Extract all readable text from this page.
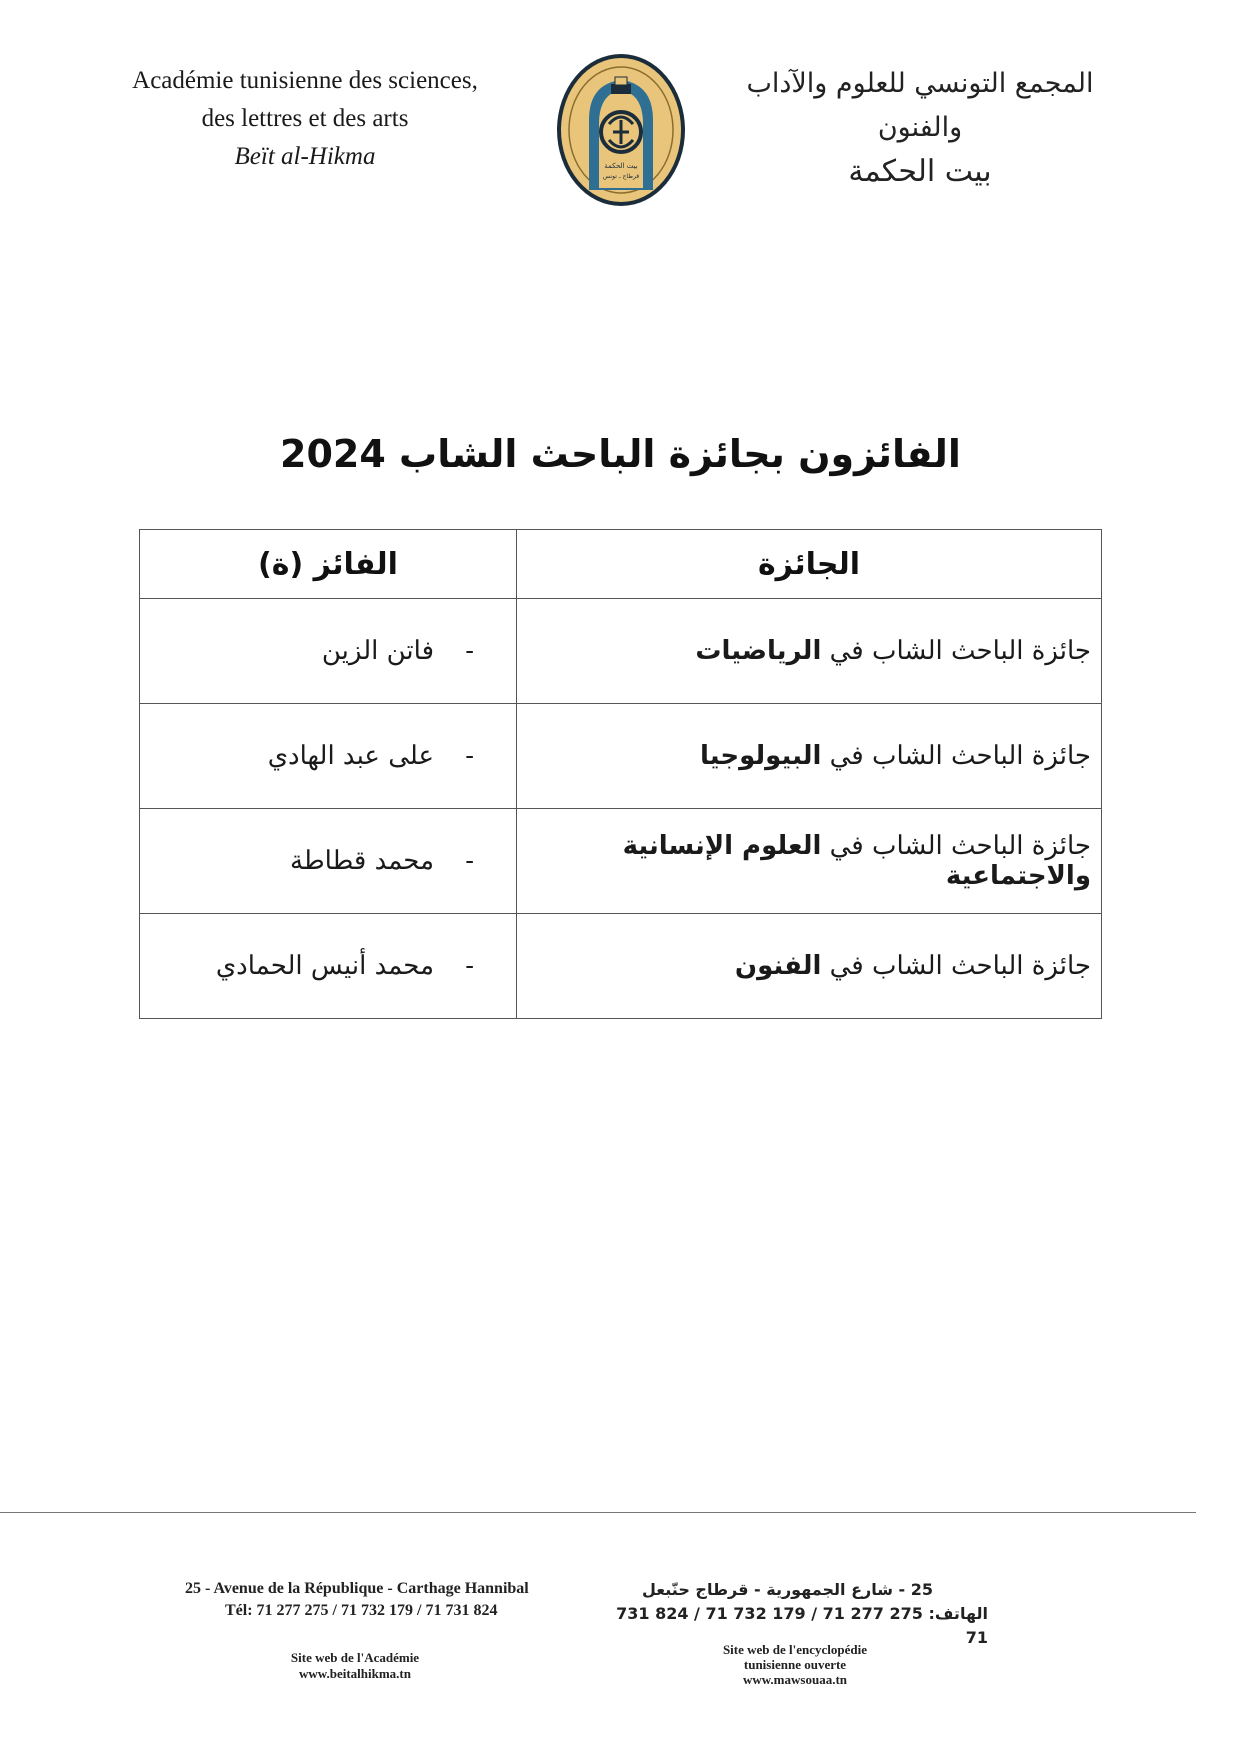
Académie tunisienne des sciences,
des lettres et des arts
Beït al-Hikma	بيت الحكمة
قرطاج ـ تونس
المجمع التونسي للعلوم والآداب والفنون
بيت الحكمة
الفائزون بجائزة الباحث الشاب 2024
الجائزة	الفائز (ة)
جائزة الباحث الشاب في الرياضيات	-فاتن الزين
جائزة الباحث الشاب في البيولوجيا	-على عبد الهادي
جائزة الباحث الشاب في العلوم الإنسانية والاجتماعية	-محمد قطاطة
جائزة الباحث الشاب في الفنون	-محمد أنيس الحمادي
25 - Avenue de la République - Carthage Hannibal
Tél: 71 277 275 / 71 732 179 / 71 731 824
25 - شارع الجمهورية - قرطاج حنّبعل
الهاتف: 275 277 71 / 179 732 71 / 824 731 71
Site web de l'Académie
www.beitalhikma.tn
Site web de l'encyclopédie
tunisienne ouverte
www.mawsouaa.tn
